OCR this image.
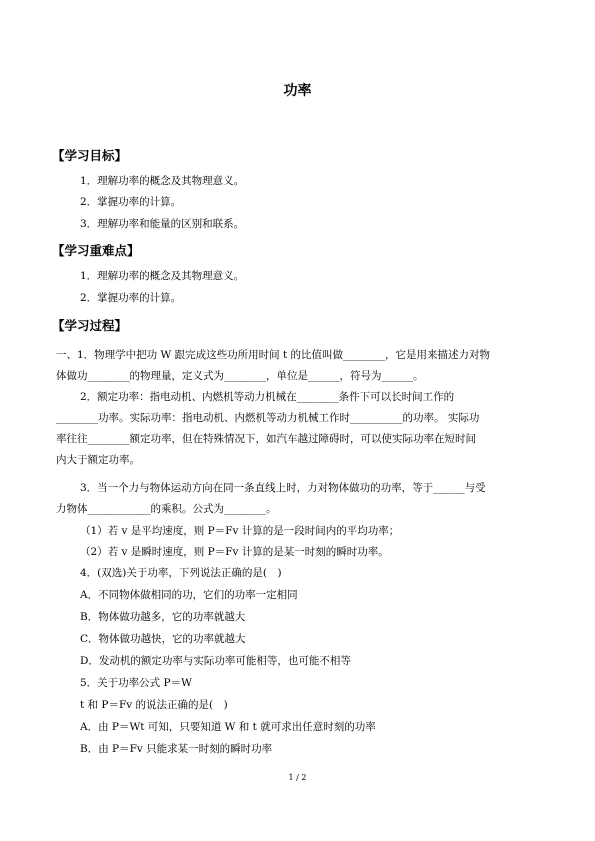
功率
【学习目标】
1．理解功率的概念及其物理意义。
2．掌握功率的计算。
3．理解功率和能量的区别和联系。
【学习重难点】
1．理解功率的概念及其物理意义。
2．掌握功率的计算。
【学习过程】
一、1．物理学中把功 W 跟完成这些功所用时间 t 的比值叫做________，它是用来描述力对物
体做功________的物理量，定义式为________，单位是______，符号为______。
2．额定功率：指电动机、内燃机等动力机械在________条件下可以长时间工作的
________功率。实际功率：指电动机、内燃机等动力机械工作时__________的功率。 实际功
率往往________额定功率，但在特殊情况下，如汽车越过障碍时，可以使实际功率在短时间
内大于额定功率。
3．当一个力与物体运动方向在同一条直线上时，力对物体做功的功率，等于______与受
力物体____________的乘积。公式为________。
（1）若 v 是平均速度，则 P＝Fv 计算的是一段时间内的平均功率；
（2）若 v 是瞬时速度，则 P＝Fv 计算的是某一时刻的瞬时功率。
4．(双选)关于功率，下列说法正确的是(　)
A．不同物体做相同的功，它们的功率一定相同
B．物体做功越多，它的功率就越大
C．物体做功越快，它的功率就越大
D．发动机的额定功率与实际功率可能相等，也可能不相等
5．关于功率公式 P＝W
t 和 P＝Fv 的说法正确的是(　)
A．由 P＝Wt 可知，只要知道 W 和 t 就可求出任意时刻的功率
B．由 P＝Fv 只能求某一时刻的瞬时功率
1 / 2
